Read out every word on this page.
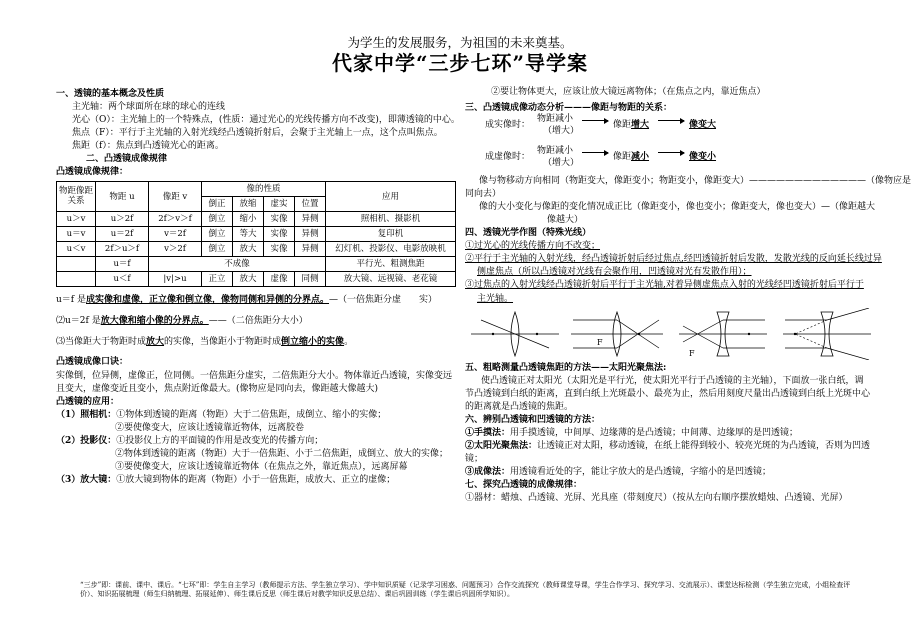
为学生的发展服务，为祖国的未来奠基。
代家中学“三步七环”导学案

一、透镜的基本概念及性质

主光轴：两个球面所在球的球心的连线

光心（O）：主光轴上的一个特殊点，(性质：通过光心的光线传播方向不改变)，即薄透镜的中心。

焦点（F）：平行于主光轴的入射光线经凸透镜折射后，会聚于主光轴上一点，这个点叫焦点。

焦距（f）：焦点到凸透镜光心的距离。

二、凸透镜成像规律

凸透镜成像规律：

物距像距关系	物距 u	像距 v	像的性质				应用
			倒正	放缩	虚实	位置	
u＞v	u＞2f	2f＞v＞f	倒立	缩小	实像	异侧	照相机、摄影机
u＝v	u＝2f	v＝2f	倒立	等大	实像	异侧	复印机
u＜v	2f＞u＞f	v＞2f	倒立	放大	实像	异侧	幻灯机、投影仪、电影放映机
	u＝f	不成像					平行光、粗测焦距
	u＜f	|v|>u	正立	放大	虚像	同侧	放大镜、远视镜、老花镜

u＝f 是成实像和虚像，正立像和倒立像，像物同侧和异侧的分界点。—（一倍焦距分虚　　实）

⑵u＝2f 是放大像和缩小像的分界点。——（二倍焦距分大小）

⑶当像距大于物距时成放大的实像，当像距小于物距时成倒立缩小的实像。

凸透镜成像口诀：

实像倒，位异侧，虚像正，位同侧。一倍焦距分虚实，二倍焦距分大小。物体靠近凸透镜，实像变远

且变大，虚像变近且变小，焦点附近像最大。(像物应是同向去，像距越大像越大)

凸透镜的应用：

（1）照相机：①物体到透镜的距离（物距）大于二倍焦距，成倒立、缩小的实像；

②要使像变大，应该让透镜靠近物体，远离胶卷

（2）投影仪：①投影仪上方的平面镜的作用是改变光的传播方向；

②物体到透镜的距离（物距）大于一倍焦距、小于二倍焦距，成倒立、放大的实像；

③要使像变大，应该让透镜靠近物体（在焦点之外，靠近焦点），远离屏幕

（3）放大镜：①放大镜到物体的距离（物距）小于一倍焦距，成放大、正立的虚像；

②要让物体更大，应该让放大镜远离物体；（在焦点之内，靠近焦点）

三、凸透镜成像动态分析———像距与物距的关系：

成实像时：
物距减小
（增大）
像距增大	像变大
成虚像时：
物距减小
（增大）
像距减小	像变小

像与物移动方向相同（物距变大，像距变小；物距变小，像距变大）—————————————（像物应是

同向去）

像的大小变化与像距的变化情况成正比（像距变小，像也变小；像距变大，像也变大）—（像距越大

像越大）

四、透镜光学作图（特殊光线）

①过光心的光线传播方向不改变；

②平行于主光轴的入射光线，经凸透镜折射后经过焦点,经凹透镜折射后发散，发散光线的反向延长线过异

侧虚焦点（所以凸透镜对光线有会聚作用，凹透镜对光有发散作用）；

③过焦点的入射光线经凸透镜折射后平行于主光轴,对着异侧虚焦点入射的光线经凹透镜折射后平行于

主光轴。

F
F

五、粗略测量凸透镜焦距的方法——太阳光聚焦法:

使凸透镜正对太阳光（太阳光是平行光，使太阳光平行于凸透镜的主光轴），下面放一张白纸，调

节凸透镜到白纸的距离，直到白纸上光斑最小、最亮为止，然后用刻度尺量出凸透镜到白纸上光斑中心

的距离就是凸透镜的焦距。

六、辨别凸透镜和凹透镜的方法：

①手摸法：用手摸透镜，中间厚、边缘薄的是凸透镜；中间薄、边缘厚的是凹透镜；

②太阳光聚焦法：让透镜正对太阳，移动透镜，在纸上能得到较小、较亮光斑的为凸透镜，否则为凹透

镜；

③成像法：用透镜看近处的字，能让字放大的是凸透镜，字缩小的是凹透镜；

七、探究凸透镜的成像规律：

①器材：蜡烛、凸透镜、光屏、光具座（带刻度尺）（按从左向右顺序摆放蜡烛、凸透镜、光屏）

“三步”即：课前、课中、课后。“七环”即：学生自主学习（教师提示方法、学生独立学习）、学中知识质疑（记录学习困惑、问题预习）合作交流探究（教师课堂导课，学生合作学习、探究学习、交流展示）、课堂达标检测（学生独立完成，小组检查评价）、知识拓展梳理（师生归纳梳理、拓展延伸）、师生课后反思（师生课后对教学知识反思总结）、课后巩固训练（学生课后巩固所学知识）。
